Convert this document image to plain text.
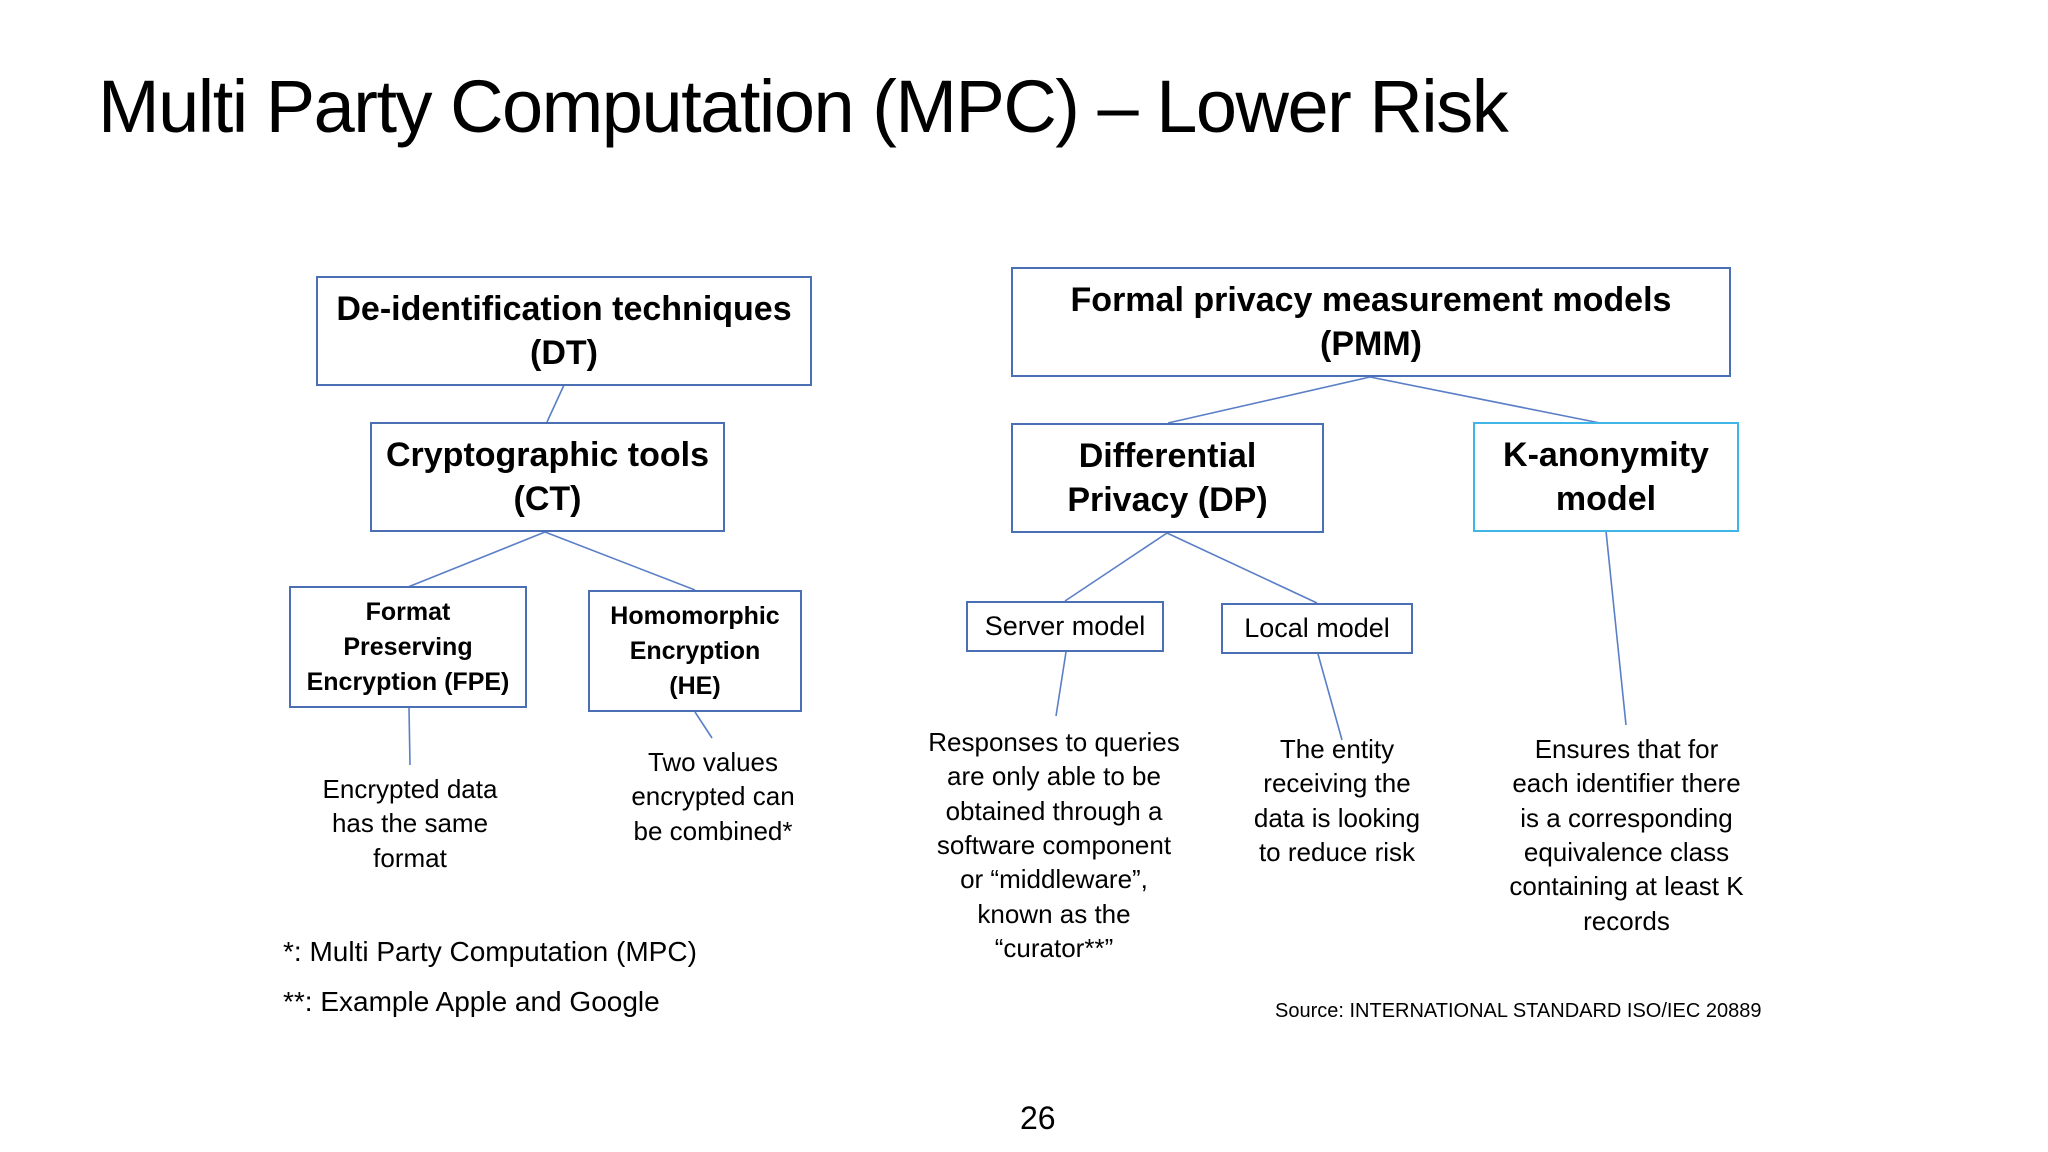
Multi Party Computation (MPC) – Lower Risk
De-identification techniques
(DT)
Cryptographic tools
(CT)
Format
Preserving
Encryption (FPE)
Homomorphic
Encryption
(HE)
Formal privacy measurement models
(PMM)
Differential
Privacy (DP)
K-anonymity
model
Server model	Local model
Encrypted data
has the same
format
Two values
encrypted can
be combined*
Responses to queries
are only able to be
obtained through a
software component
or “middleware”,
known as the
“curator**”
The entity
receiving the
data is looking
to reduce risk
Ensures that for
each identifier there
is a corresponding
equivalence class
containing at least K
records
*: Multi Party Computation (MPC)
**: Example Apple and Google	Source: INTERNATIONAL STANDARD ISO/IEC 20889
26
